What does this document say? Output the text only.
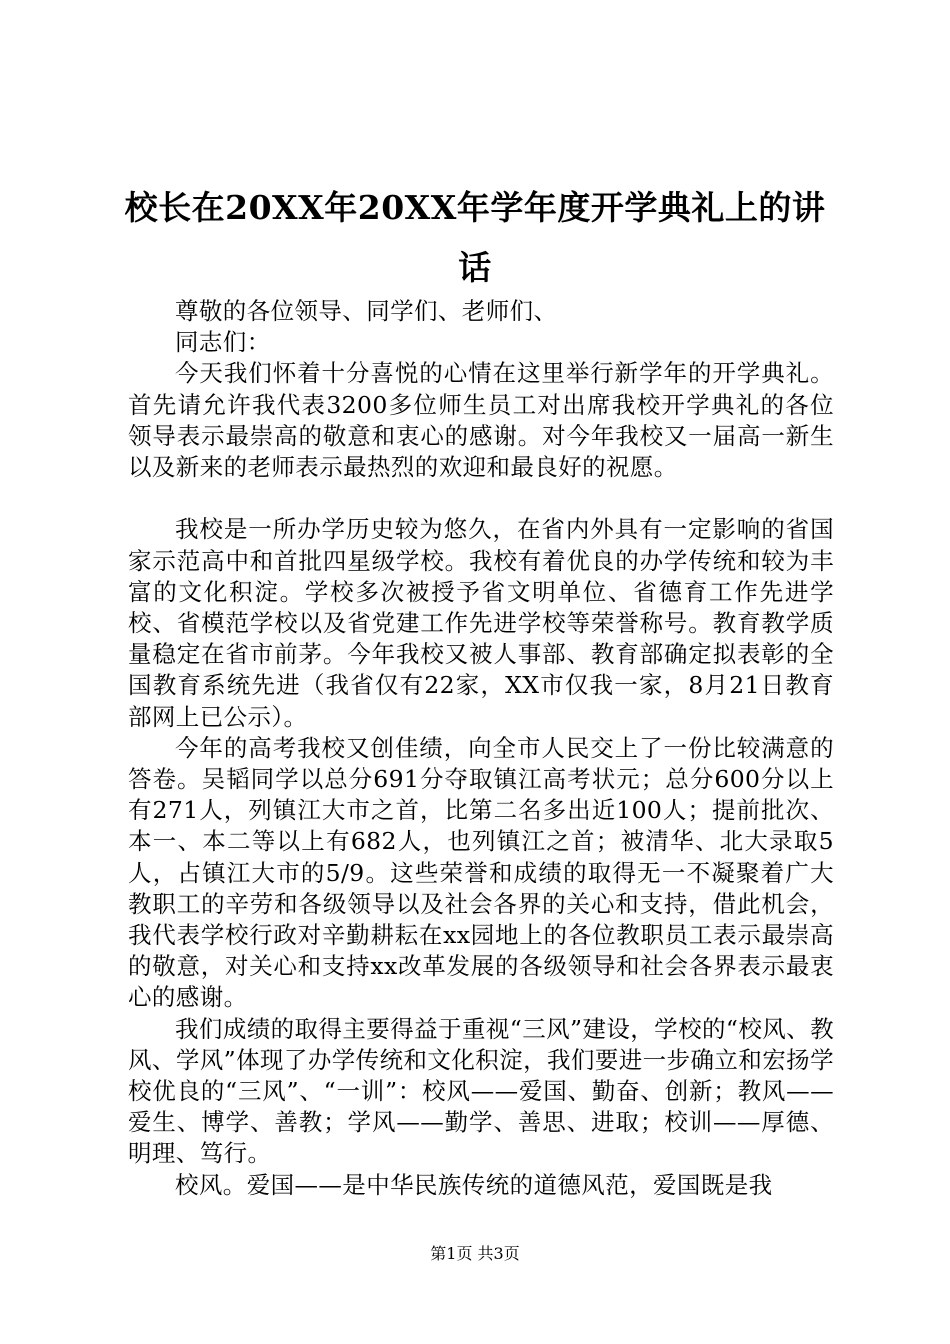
校长在20XX年20XX年学年度开学典礼上的讲话

尊敬的各位领导、同学们、老师们、

同志们：

今天我们怀着十分喜悦的心情在这里举行新学年的开学典礼。首先请允许我代表3200多位师生员工对出席我校开学典礼的各位领导表示最崇高的敬意和衷心的感谢。对今年我校又一届高一新生以及新来的老师表示最热烈的欢迎和最良好的祝愿。

我校是一所办学历史较为悠久，在省内外具有一定影响的省国家示范高中和首批四星级学校。我校有着优良的办学传统和较为丰富的文化积淀。学校多次被授予省文明单位、省德育工作先进学校、省模范学校以及省党建工作先进学校等荣誉称号。教育教学质量稳定在省市前茅。今年我校又被人事部、教育部确定拟表彰的全国教育系统先进（我省仅有22家，XX市仅我一家，8月21日教育部网上已公示）。

今年的高考我校又创佳绩，向全市人民交上了一份比较满意的答卷。吴韬同学以总分691分夺取镇江高考状元；总分600分以上有271人，列镇江大市之首，比第二名多出近100人；提前批次、本一、本二等以上有682人，也列镇江之首；被清华、北大录取5人，占镇江大市的5/9。这些荣誉和成绩的取得无一不凝聚着广大教职工的辛劳和各级领导以及社会各界的关心和支持，借此机会，我代表学校行政对辛勤耕耘在xx园地上的各位教职员工表示最崇高的敬意，对关心和支持xx改革发展的各级领导和社会各界表示最衷心的感谢。

我们成绩的取得主要得益于重视“三风”建设，学校的“校风、教风、学风”体现了办学传统和文化积淀，我们要进一步确立和宏扬学校优良的“三风”、“一训”：校风——爱国、勤奋、创新；教风——爱生、博学、善教；学风——勤学、善思、进取；校训——厚德、明理、笃行。

校风。爱国——是中华民族传统的道德风范，爱国既是我

第1页 共3页
